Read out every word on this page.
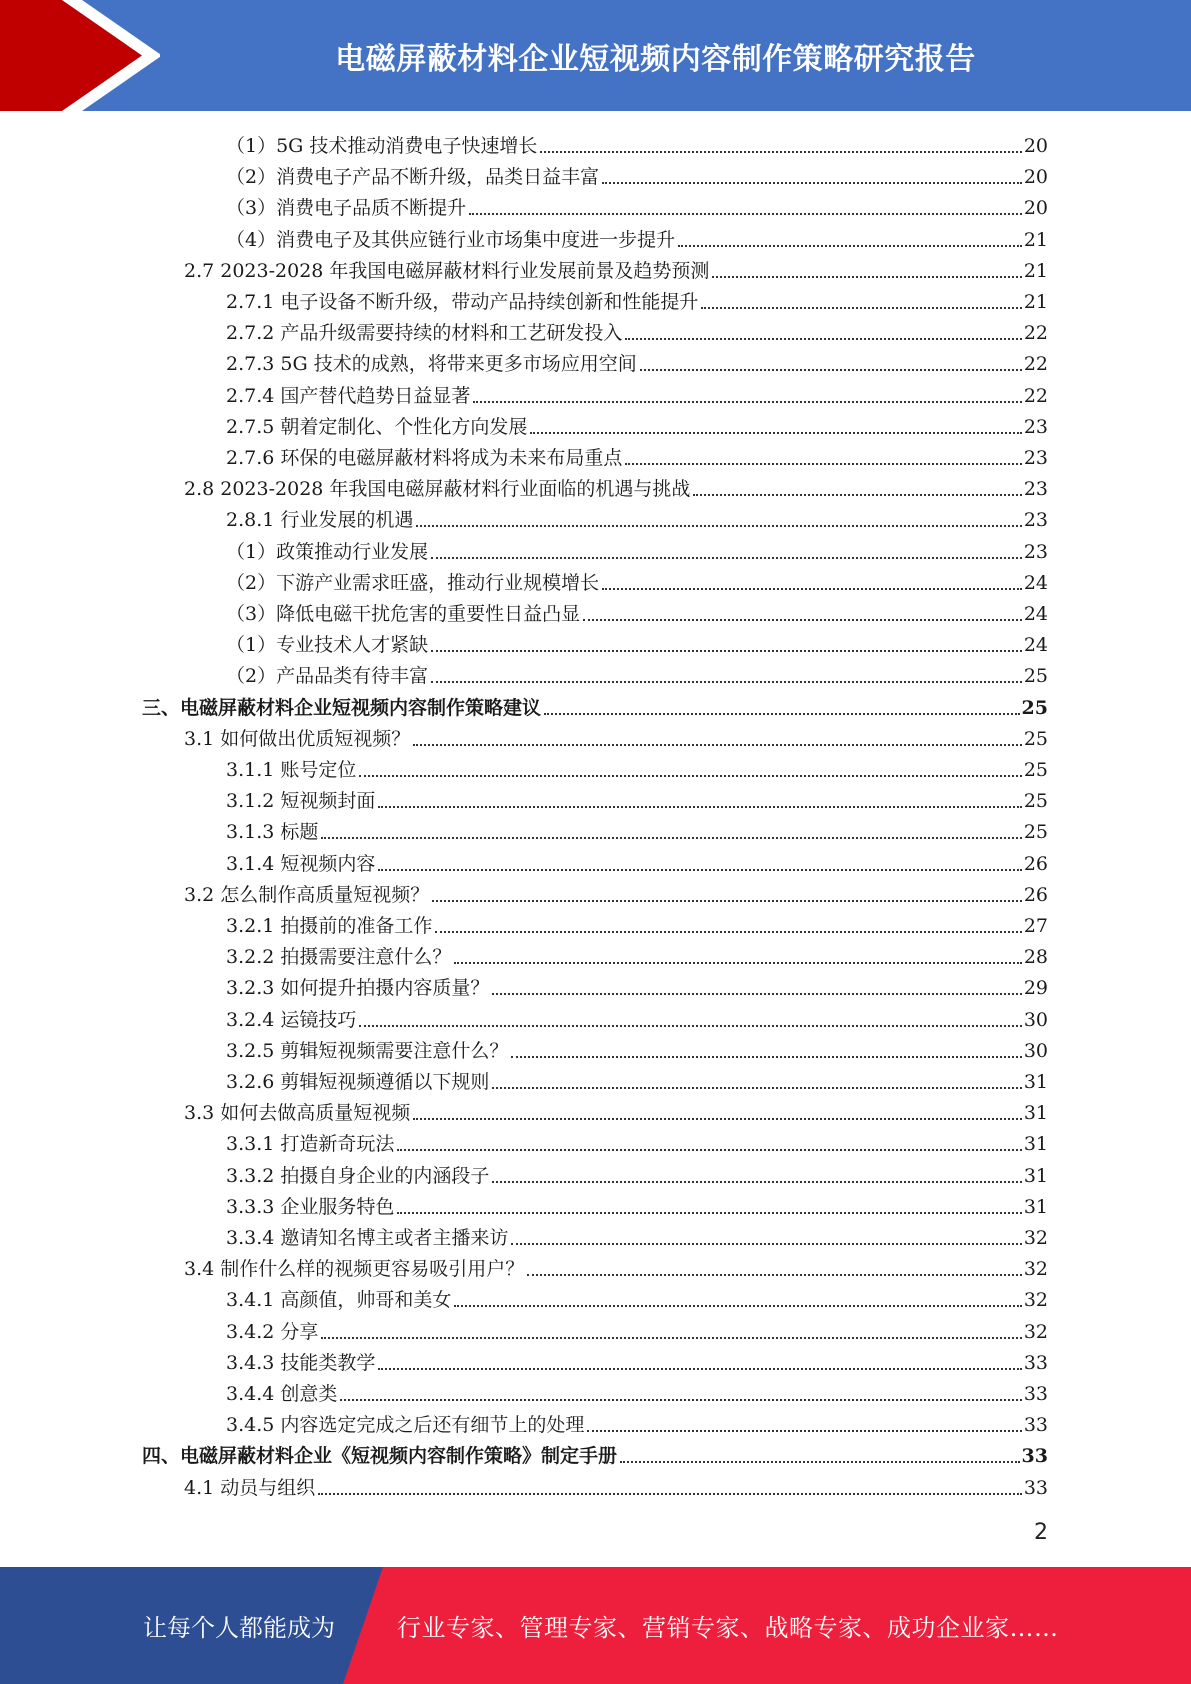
电磁屏蔽材料企业短视频内容制作策略研究报告
（1）5G 技术推动消费电子快速增长	20
（2）消费电子产品不断升级，品类日益丰富	20
（3）消费电子品质不断提升	20
（4）消费电子及其供应链行业市场集中度进一步提升	21
2.7 2023-2028 年我国电磁屏蔽材料行业发展前景及趋势预测	21
2.7.1 电子设备不断升级，带动产品持续创新和性能提升	21
2.7.2 产品升级需要持续的材料和工艺研发投入	22
2.7.3 5G 技术的成熟，将带来更多市场应用空间	22
2.7.4 国产替代趋势日益显著	22
2.7.5 朝着定制化、个性化方向发展	23
2.7.6 环保的电磁屏蔽材料将成为未来布局重点	23
2.8 2023-2028 年我国电磁屏蔽材料行业面临的机遇与挑战	23
2.8.1 行业发展的机遇	23
（1）政策推动行业发展	23
（2）下游产业需求旺盛，推动行业规模增长	24
（3）降低电磁干扰危害的重要性日益凸显	24
（1）专业技术人才紧缺	24
（2）产品品类有待丰富	25
三、电磁屏蔽材料企业短视频内容制作策略建议	25
3.1 如何做出优质短视频？	25
3.1.1 账号定位	25
3.1.2 短视频封面	25
3.1.3 标题	25
3.1.4 短视频内容	26
3.2 怎么制作高质量短视频？	26
3.2.1 拍摄前的准备工作	27
3.2.2 拍摄需要注意什么？	28
3.2.3 如何提升拍摄内容质量？	29
3.2.4 运镜技巧	30
3.2.5 剪辑短视频需要注意什么？	30
3.2.6 剪辑短视频遵循以下规则	31
3.3 如何去做高质量短视频	31
3.3.1 打造新奇玩法	31
3.3.2 拍摄自身企业的内涵段子	31
3.3.3 企业服务特色	31
3.3.4 邀请知名博主或者主播来访	32
3.4 制作什么样的视频更容易吸引用户？	32
3.4.1 高颜值，帅哥和美女	32
3.4.2 分享	32
3.4.3 技能类教学	33
3.4.4 创意类	33
3.4.5 内容选定完成之后还有细节上的处理	33
四、电磁屏蔽材料企业《短视频内容制作策略》制定手册	33
4.1 动员与组织	33
2
让每个人都能成为	行业专家、管理专家、营销专家、战略专家、成功企业家……
